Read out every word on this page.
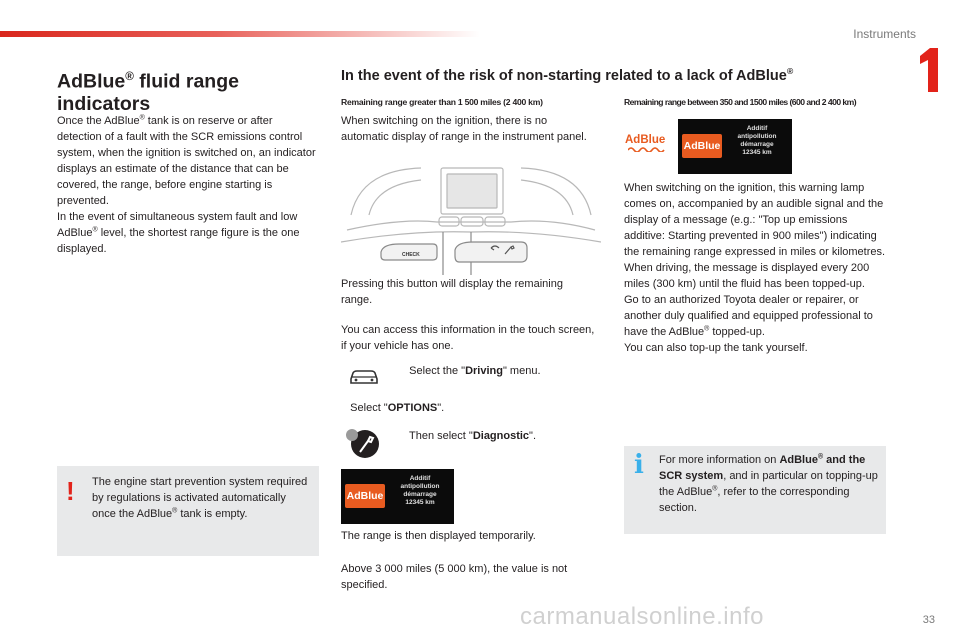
Instruments
AdBlue® fluid range
indicators
Once the AdBlue® tank is on reserve or after detection of a fault with the SCR emissions control system, when the ignition is switched on, an indicator displays an estimate of the distance that can be covered, the range, before engine starting is prevented.
In the event of simultaneous system fault and low AdBlue® level, the shortest range figure is the one displayed.
! The engine start prevention system required by regulations is activated automatically once the AdBlue® tank is empty.
In the event of the risk of non-starting related to a lack of AdBlue®
Remaining range greater than 1 500 miles (2 400 km)
When switching on the ignition, there is no automatic display of range in the instrument panel.
CHECK
Pressing this button will display the remaining range.
You can access this information in the touch screen, if your vehicle has one.
Select the "Driving" menu.
Select "OPTIONS".
Then select "Diagnostic".
AdBlue
Additif
antipollution
démarrage
12345 km
The range is then displayed temporarily.
Above 3 000 miles (5 000 km), the value is not specified.
Remaining range between 350 and 1500 miles (600 and 2 400 km)
AdBlue	AdBlue
Additif
antipollution
démarrage
12345 km
When switching on the ignition, this warning lamp comes on, accompanied by an audible signal and the display of a message (e.g.: "Top up emissions additive: Starting prevented in 900 miles") indicating the remaining range expressed in miles or kilometres.
When driving, the message is displayed every 200 miles (300 km) until the fluid has been topped-up.
Go to an authorized Toyota dealer or repairer, or another duly qualified and equipped professional to have the AdBlue® topped-up.
You can also top-up the tank yourself.
i For more information on AdBlue® and the SCR system, and in particular on topping-up the AdBlue®, refer to the corresponding section.
carmanualsonline.info	33
